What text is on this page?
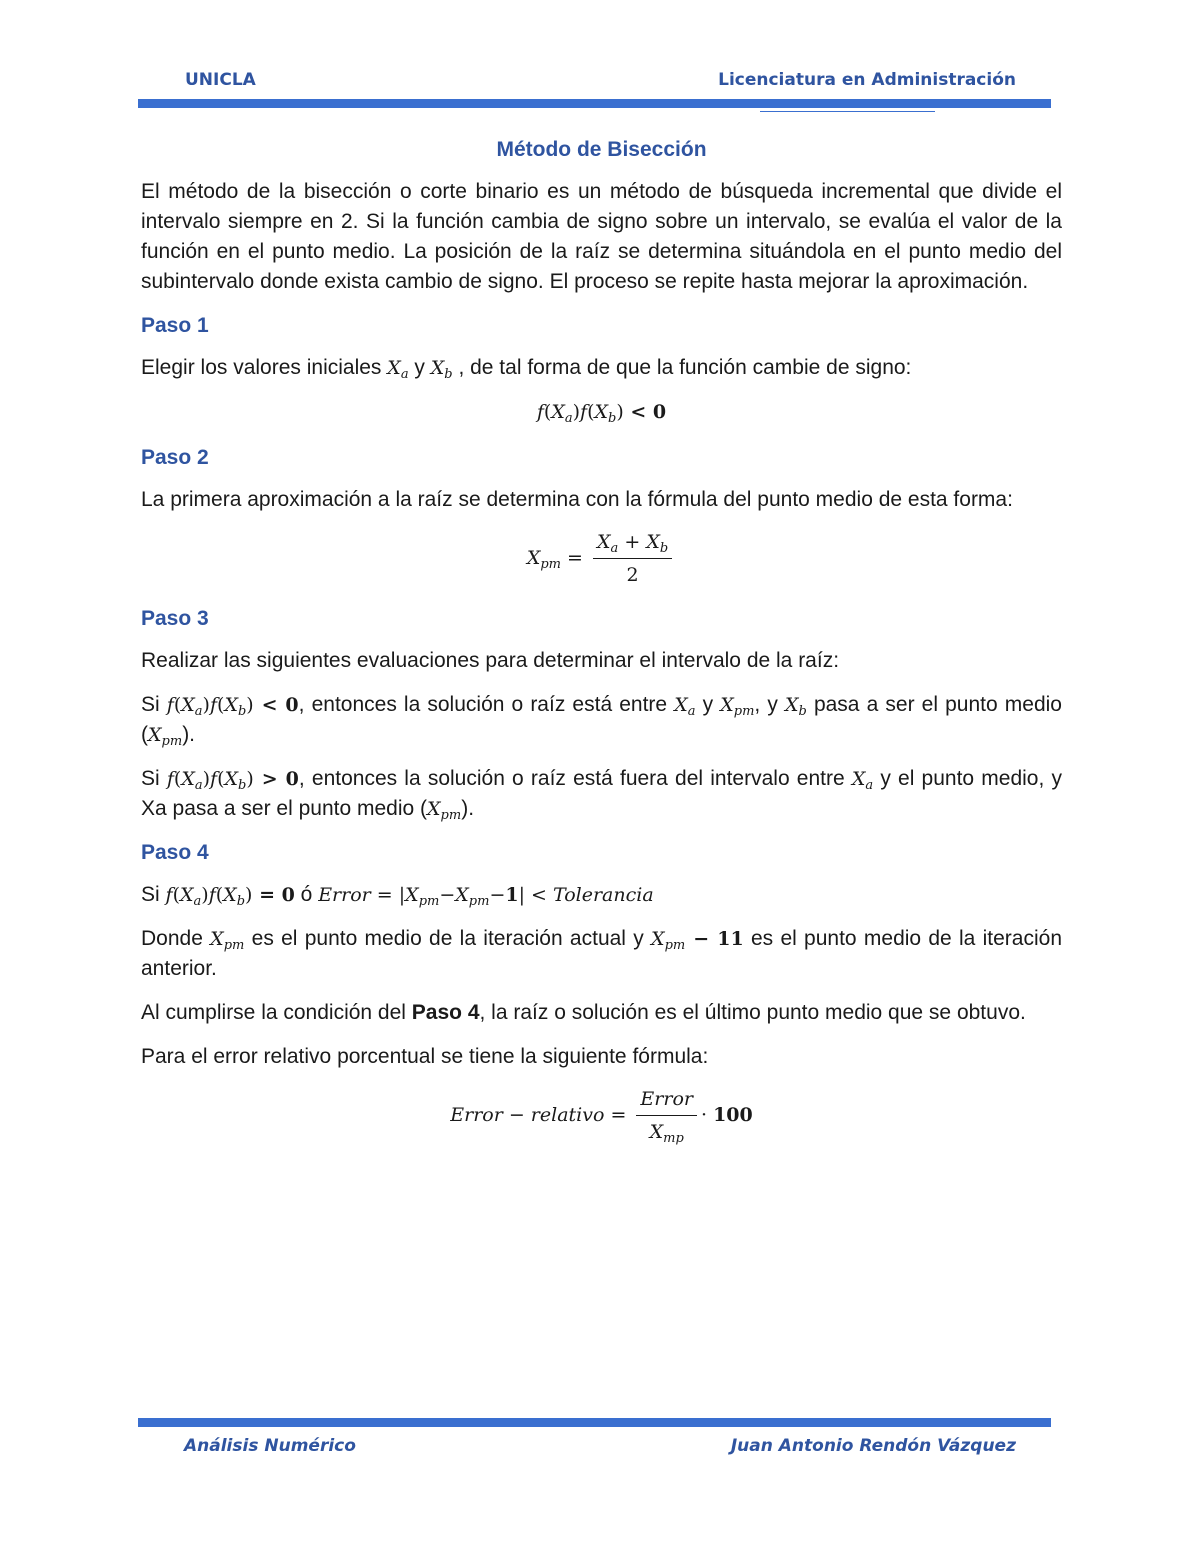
UNICLA	Licenciatura en Administración
Método de Bisección

El método de la bisección o corte binario es un método de búsqueda incremental que divide el intervalo siempre en 2. Si la función cambia de signo sobre un intervalo, se evalúa el valor de la función en el punto medio. La posición de la raíz se determina situándola en el punto medio del subintervalo donde exista cambio de signo. El proceso se repite hasta mejorar la aproximación.

Paso 1

Elegir los valores iniciales $X_a$ y $X_b$ , de tal forma de que la función cambie de signo:

$f(X_a)f(X_b) < 0$
Paso 2

La primera aproximación a la raíz se determina con la fórmula del punto medio de esta forma:

$X_{pm} = \frac{X_a + X_b}{2}$
Paso 3

Realizar las siguientes evaluaciones para determinar el intervalo de la raíz:

Si $f(X_a)f(X_b) < 0$, entonces la solución o raíz está entre $X_a$ y $X_{pm}$, y $X_b$ pasa a ser el punto medio $(X_{pm})$.

Si $f(X_a)f(X_b) > 0$, entonces la solución o raíz está fuera del intervalo entre $X_a$ y el punto medio, y Xa pasa a ser el punto medio $(X_{pm})$.

Paso 4

Si $f(X_a)f(X_b) = 0$ ó Error = $|X_{pm}-X_{pm}-1|$ < Tolerancia

Donde $X_{pm}$ es el punto medio de la iteración actual y $X_{pm} - 11$ es el punto medio de la iteración anterior.

Al cumplirse la condición del Paso 4, la raíz o solución es el último punto medio que se obtuvo.

Para el error relativo porcentual se tiene la siguiente fórmula:

Error − relativo = $\frac{\text{Error}}{X_{mp}} \cdot 100$
Análisis Numérico	Juan Antonio Rendón Vázquez
